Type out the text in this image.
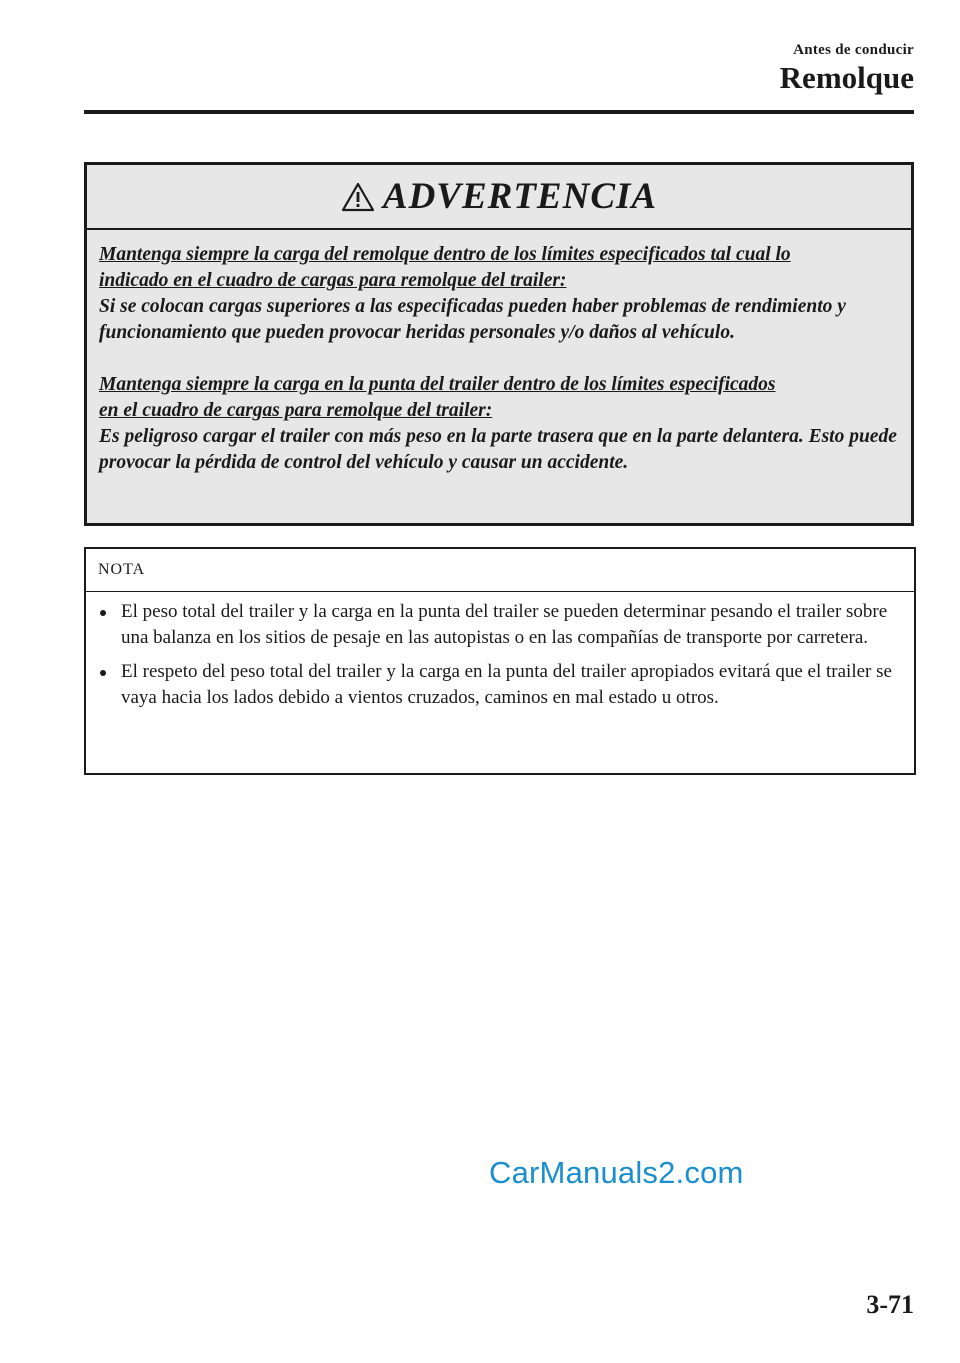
Antes de conducir
Remolque
ADVERTENCIA

Mantenga siempre la carga del remolque dentro de los límites especificados tal cual lo

indicado en el cuadro de cargas para remolque del trailer:

Si se colocan cargas superiores a las especificadas pueden haber problemas de rendimiento y funcionamiento que pueden provocar heridas personales y/o daños al vehículo.

Mantenga siempre la carga en la punta del trailer dentro de los límites especificados

en el cuadro de cargas para remolque del trailer:

Es peligroso cargar el trailer con más peso en la parte trasera que en la parte delantera. Esto puede provocar la pérdida de control del vehículo y causar un accidente.

NOTA
El peso total del trailer y la carga en la punta del trailer se pueden determinar pesando el trailer sobre una balanza en los sitios de pesaje en las autopistas o en las compañías de transporte por carretera.
El respeto del peso total del trailer y la carga en la punta del trailer apropiados evitará que el trailer se vaya hacia los lados debido a vientos cruzados, caminos en mal estado u otros.
CarManuals2.com
3-71
